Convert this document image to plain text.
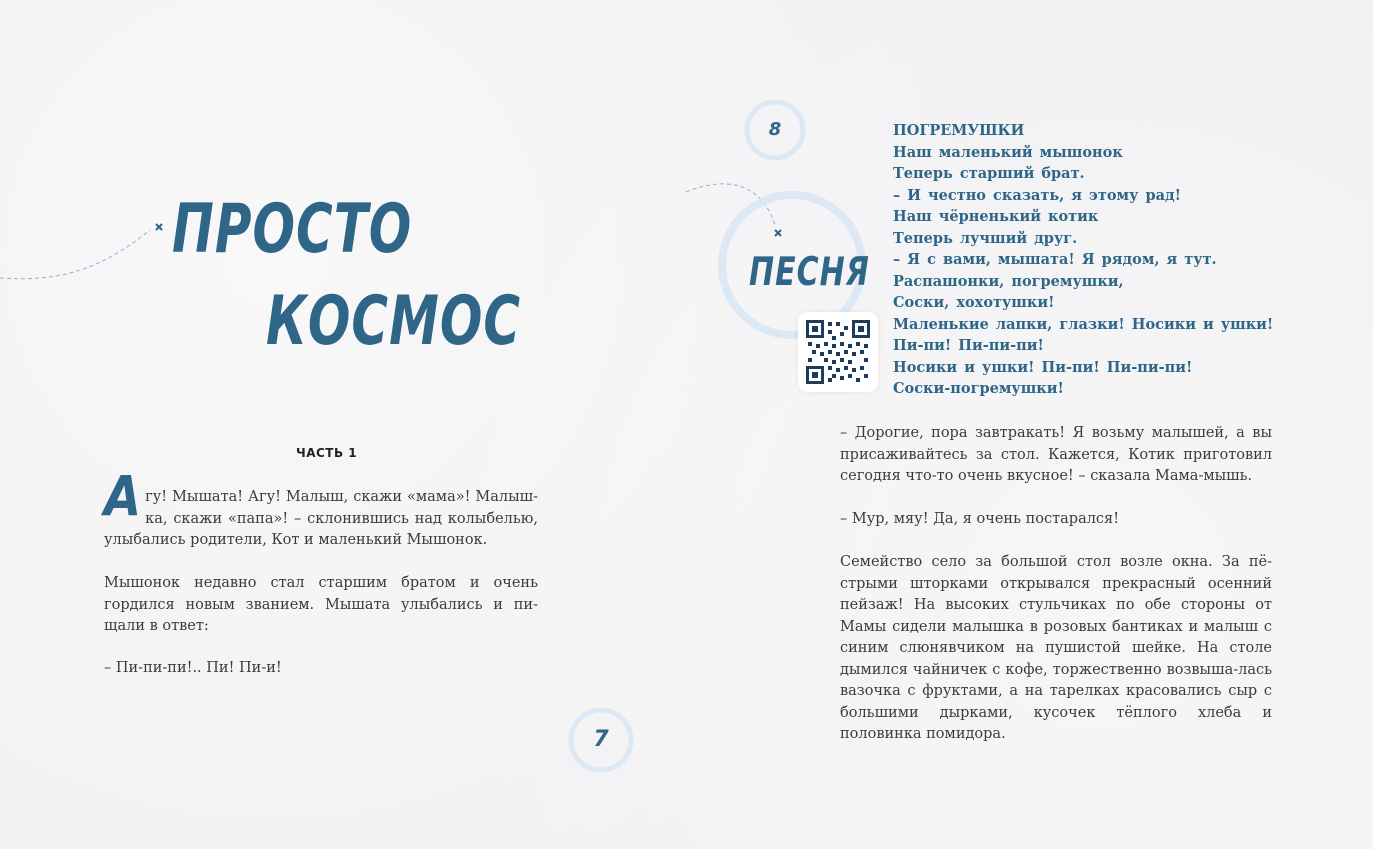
ПРОСТО
КОСМОС
ЧАСТЬ 1
Агу! Мышата! Агу! Малыш, скажи «мама»! Малыш-ка, скажи «папа»! – склонившись над колыбелью, улыбались родители, Кот и маленький Мышонок.
Мышонок недавно стал старшим братом и очень гордился новым званием. Мышата улыбались и пи-щали в ответ:
– Пи-пи-пи!.. Пи! Пи-и!
7
8
ПЕСНЯ
ПОГРЕМУШКИ
Наш маленький мышонок
Теперь старший брат.
– И честно сказать, я этому рад!
Наш чёрненький котик
Теперь лучший друг.
– Я с вами, мышата! Я рядом, я тут.
Распашонки, погремушки,
Соски, хохотушки!
Маленькие лапки, глазки! Носики и ушки!
Пи-пи! Пи-пи-пи!
Носики и ушки! Пи-пи! Пи-пи-пи!
Соски-погремушки!
– Дорогие, пора завтракать! Я возьму малышей, а вы присаживайтесь за стол. Кажется, Котик приготовил сегодня что-то очень вкусное! – сказала Мама-мышь.
– Мур, мяу! Да, я очень постарался!
Семейство село за большой стол возле окна. За пё-стрыми шторками открывался прекрасный осенний пейзаж! На высоких стульчиках по обе стороны от Мамы сидели малышка в розовых бантиках и малыш с синим слюнявчиком на пушистой шейке. На столе дымился чайничек с кофе, торжественно возвыша-лась вазочка с фруктами, а на тарелках красовались сыр с большими дырками, кусочек тёплого хлеба и половинка помидора.
